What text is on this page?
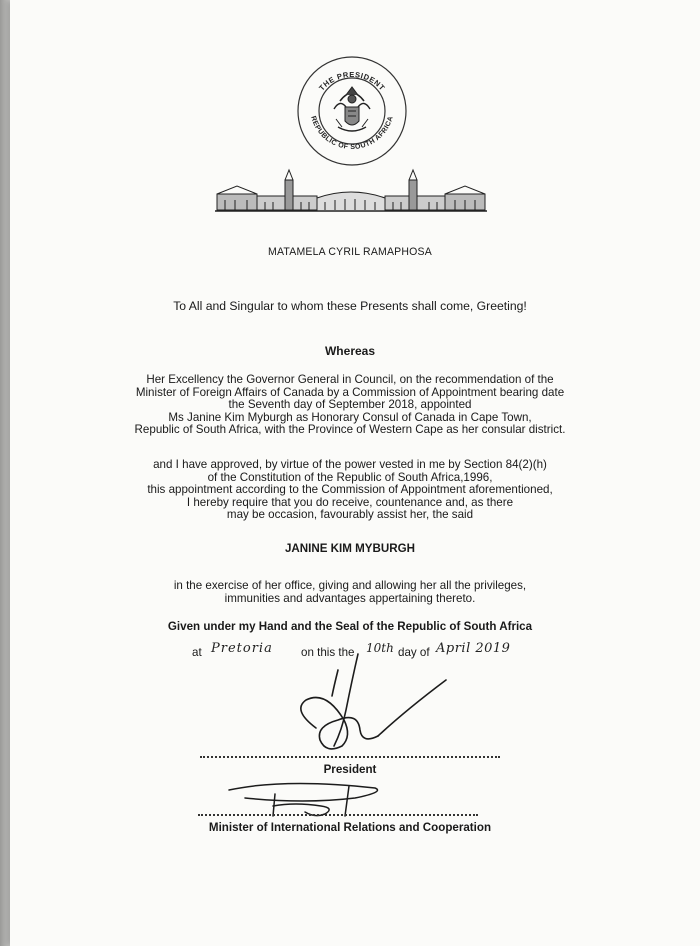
THE PRESIDENT
REPUBLIC OF SOUTH AFRICA
MATAMELA CYRIL RAMAPHOSA
To All and Singular to whom these Presents shall come, Greeting!
Whereas
Her Excellency the Governor General in Council, on the recommendation of the
Minister of Foreign Affairs of Canada by a Commission of Appointment bearing date
the Seventh day of September 2018, appointed
Ms Janine Kim Myburgh as Honorary Consul of Canada in Cape Town,
Republic of South Africa, with the Province of Western Cape as her consular district.
and I have approved, by virtue of the power vested in me by Section 84(2)(h)
of the Constitution of the Republic of South Africa,1996,
this appointment according to the Commission of Appointment aforementioned,
I hereby require that you do receive, countenance and, as there
may be occasion, favourably assist her, the said
JANINE KIM MYBURGH
in the exercise of her office, giving and allowing her all the privileges,
immunities and advantages appertaining thereto.
Given under my Hand and the Seal of the Republic of South Africa
at Pretoria on this the 10th day of April 2019
President
Minister of International Relations and Cooperation
